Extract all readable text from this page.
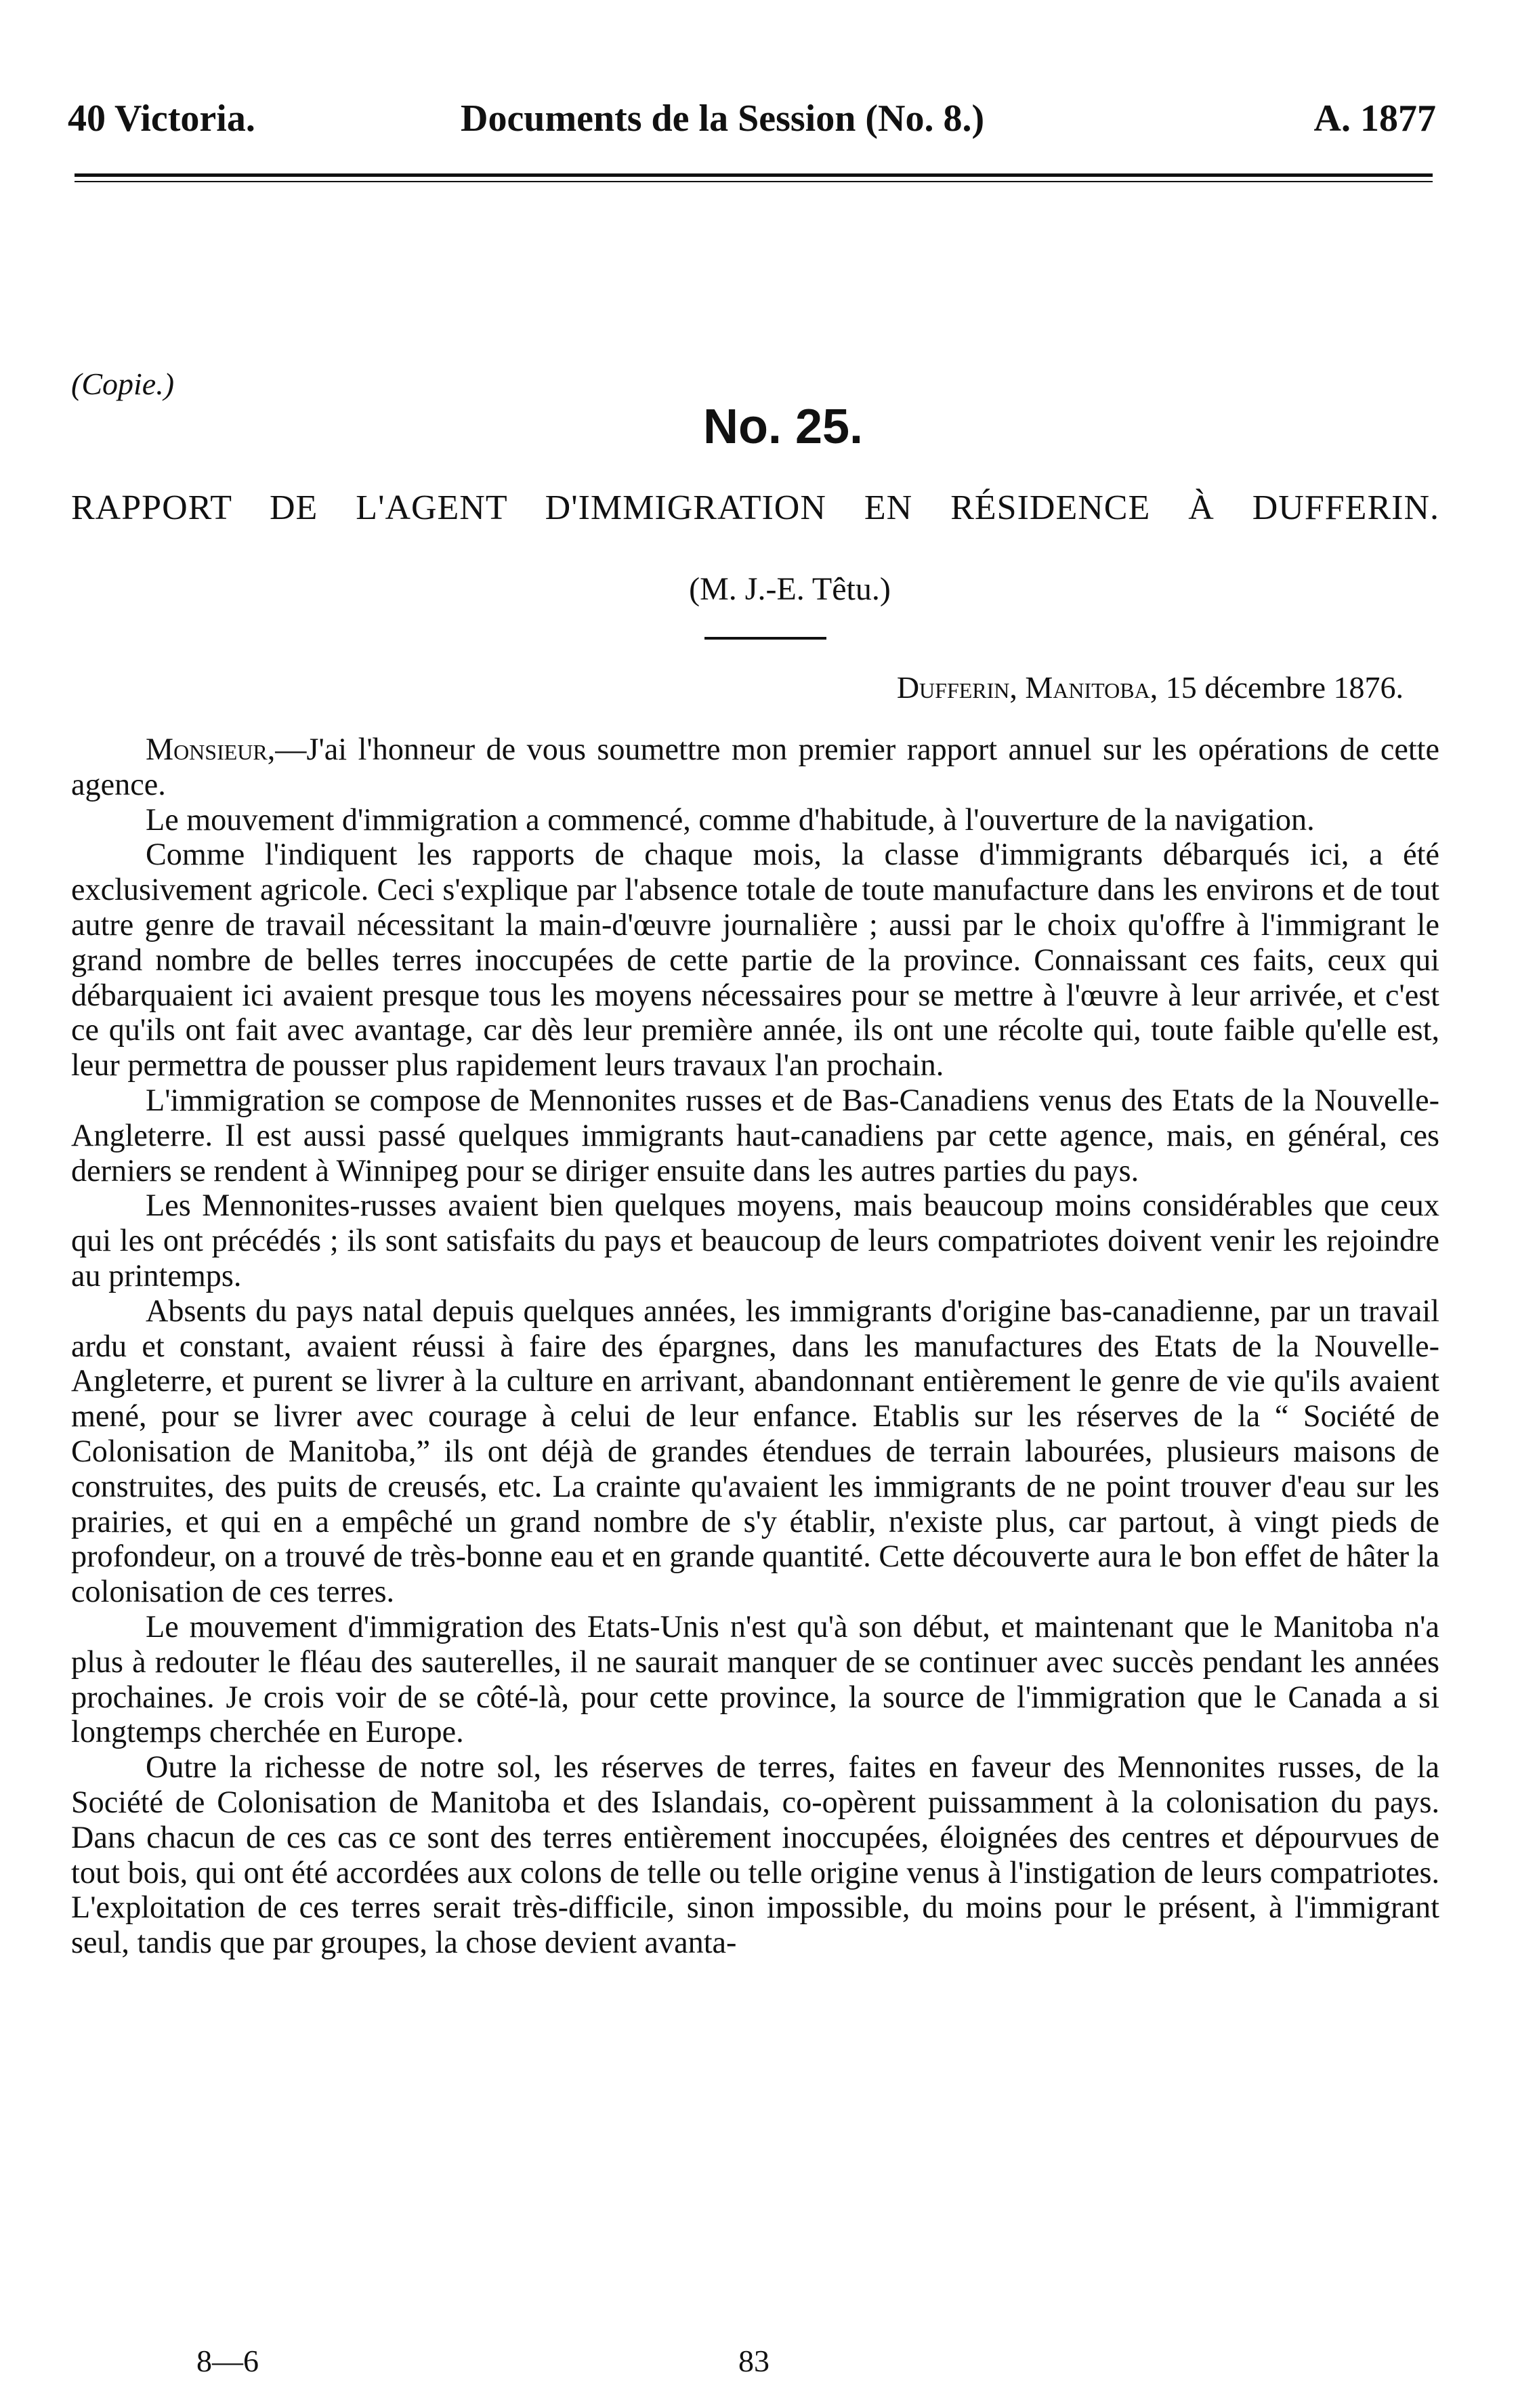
40 Victoria.	Documents de la Session (No. 8.)	A. 1877
(Copie.)
No. 25.
RAPPORT DE L'AGENT D'IMMIGRATION EN RÉSIDENCE À DUFFERIN.
(M. J.-E. Têtu.)
Dufferin, Manitoba, 15 décembre 1876.

Monsieur,—J'ai l'honneur de vous soumettre mon premier rapport annuel sur les opérations de cette agence.

Le mouvement d'immigration a commencé, comme d'habitude, à l'ouverture de la navigation.

Comme l'indiquent les rapports de chaque mois, la classe d'immigrants débarqués ici, a été exclusivement agricole. Ceci s'explique par l'absence totale de toute manufacture dans les environs et de tout autre genre de travail nécessitant la main-d'œuvre journalière ; aussi par le choix qu'offre à l'immigrant le grand nombre de belles terres inoccupées de cette partie de la province. Connaissant ces faits, ceux qui débarquaient ici avaient presque tous les moyens nécessaires pour se mettre à l'œuvre à leur arrivée, et c'est ce qu'ils ont fait avec avantage, car dès leur première année, ils ont une récolte qui, toute faible qu'elle est, leur permettra de pousser plus rapidement leurs travaux l'an prochain.

L'immigration se compose de Mennonites russes et de Bas-Canadiens venus des Etats de la Nouvelle-Angleterre. Il est aussi passé quelques immigrants haut-canadiens par cette agence, mais, en général, ces derniers se rendent à Winnipeg pour se diriger ensuite dans les autres parties du pays.

Les Mennonites-russes avaient bien quelques moyens, mais beaucoup moins considérables que ceux qui les ont précédés ; ils sont satisfaits du pays et beaucoup de leurs compatriotes doivent venir les rejoindre au printemps.

Absents du pays natal depuis quelques années, les immigrants d'origine bas-canadienne, par un travail ardu et constant, avaient réussi à faire des épargnes, dans les manufactures des Etats de la Nouvelle-Angleterre, et purent se livrer à la culture en arrivant, abandonnant entièrement le genre de vie qu'ils avaient mené, pour se livrer avec courage à celui de leur enfance. Etablis sur les réserves de la “ Société de Colonisation de Manitoba,” ils ont déjà de grandes étendues de terrain labourées, plusieurs maisons de construites, des puits de creusés, etc. La crainte qu'avaient les immigrants de ne point trouver d'eau sur les prairies, et qui en a empêché un grand nombre de s'y établir, n'existe plus, car partout, à vingt pieds de profondeur, on a trouvé de très-bonne eau et en grande quantité. Cette découverte aura le bon effet de hâter la colonisation de ces terres.

Le mouvement d'immigration des Etats-Unis n'est qu'à son début, et maintenant que le Manitoba n'a plus à redouter le fléau des sauterelles, il ne saurait manquer de se continuer avec succès pendant les années prochaines. Je crois voir de se côté-là, pour cette province, la source de l'immigration que le Canada a si longtemps cherchée en Europe.

Outre la richesse de notre sol, les réserves de terres, faites en faveur des Mennonites russes, de la Société de Colonisation de Manitoba et des Islandais, co-opèrent puissamment à la colonisation du pays. Dans chacun de ces cas ce sont des terres entièrement inoccupées, éloignées des centres et dépourvues de tout bois, qui ont été accordées aux colons de telle ou telle origine venus à l'instigation de leurs compatriotes. L'exploitation de ces terres serait très-difficile, sinon impossible, du moins pour le présent, à l'immigrant seul, tandis que par groupes, la chose devient avanta-

8—6	83
